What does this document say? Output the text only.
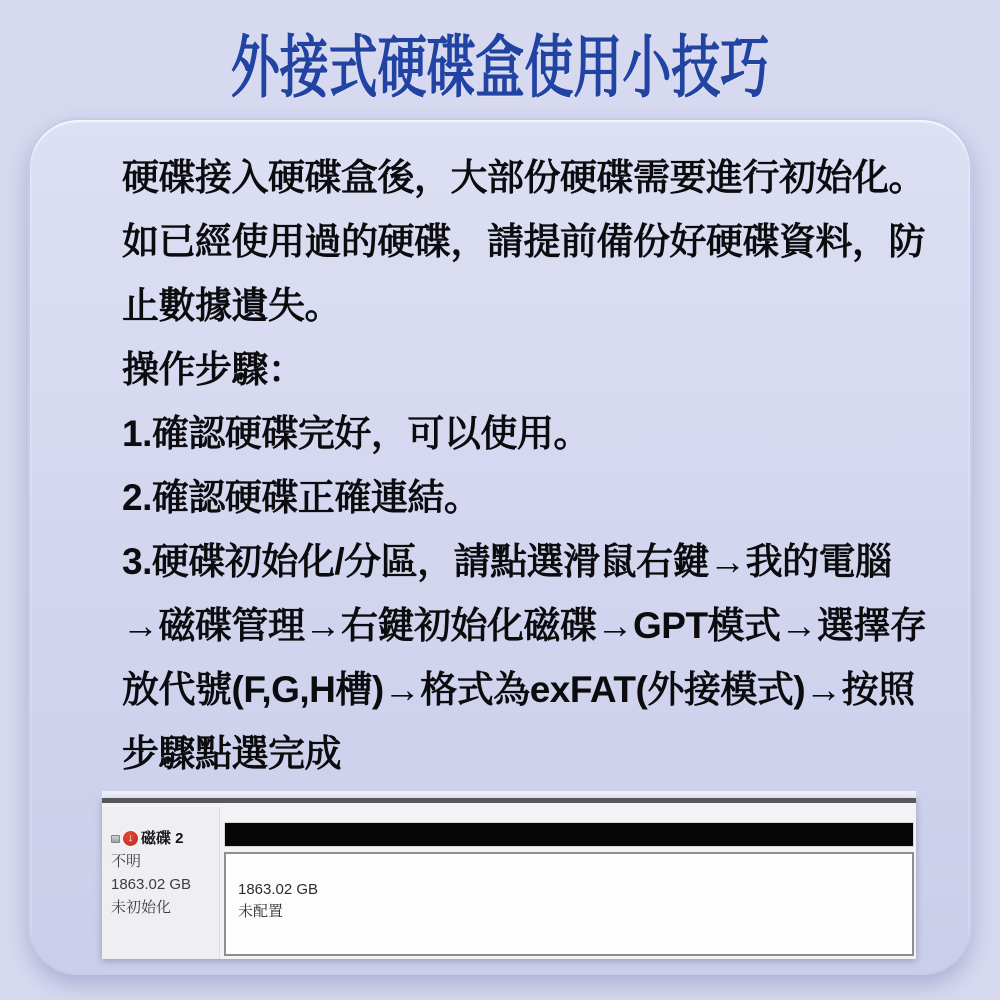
外接式硬碟盒使用小技巧
硬碟接入硬碟盒後，大部份硬碟需要進行初始化。
如已經使用過的硬碟，請提前備份好硬碟資料，防
止數據遺失。
操作步驟：
1.確認硬碟完好，可以使用。
2.確認硬碟正確連結。
3.硬碟初始化/分區，請點選滑鼠右鍵→我的電腦
→磁碟管理→右鍵初始化磁碟→GPT模式→選擇存
放代號(F,G,H槽)→格式為exFAT(外接模式)→按照
步驟點選完成
↓ 磁碟 2
不明
1863.02 GB
未初始化
1863.02 GB
未配置
